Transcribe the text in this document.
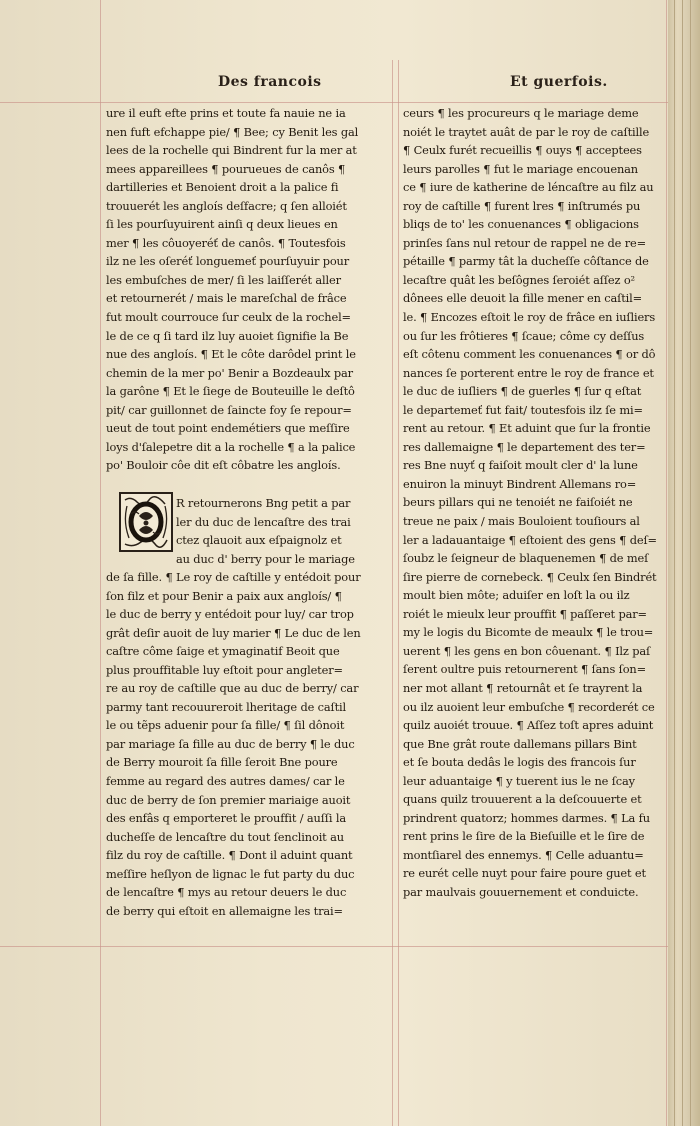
Des francois	Et guerfois.
ure il euft efte prins et toute fa nauie ne ia
nen fuft efchappe pie/ ¶ Bee; cy Benit les gal
lees de la rochelle qui Bindrent fur la mer at
mees appareillees ¶ pourueues de canôs ¶
dartilleries et Benoient droit a la palice fi
trouuerét les angloís deſfacre; q ſen alloiét
ſi les pourſuyuirent ainſi q deux lieues en
mer ¶ les côuoyeréť de canôs. ¶ Toutesfois
ilz ne les oſeréť longuemeť pourſuyuir pour
les embuſches de mer/ ſi les laiſſerét aller
et retournerét / mais le mareſchal de frâce
fut moult courrouce ſur ceulx de la rochel=
le de ce q ſi tard ilz luy auoiet ſignifie la Be
nue des angloís. ¶ Et le côte darôdel print le
chemin de la mer po' Benir a Bozdeaulx par
la garône ¶ Et le ſiege de Bouteuille le deſtô
pit/ car guillonnet de ſaincte foy ſe repour=
ueut de tout point endemétiers que meſſire
loys d'ſalepetre dit a la rochelle ¶ a la palice
po' Bouloir côe dit eſt côbatre les angloís.
R retournerons Bng petit a par
ler du duc de lencaſtre des trai
ctez qlauoit aux eſpaignolz et
au duc d' berry pour le mariage
de ſa fille. ¶ Le roy de caſtille y entédoit pour
ſon filz et pour Benir a paix aux angloís/ ¶
le duc de berry y entédoit pour luy/ car trop
grât deſir auoit de luy marier ¶ Le duc de len
caſtre côme ſaige et ymaginatif Beoit que
plus prouffitable luy eſtoit pour angleter=
re au roy de caſtille que au duc de berry/ car
parmy tant recouureroit lheritage de caſtil
le ou tẽps aduenir pour ſa fille/ ¶ ſil dônoit
par mariage ſa fille au duc de berry ¶ le duc
de Berry mouroit ſa fille ſeroit Bne poure
femme au regard des autres dames/ car le
duc de berry de ſon premier mariaige auoit
des enfâs q emporteret le prouffit / auſſi la
ducheſſe de lencaſtre du tout ſenclinoit au
filz du roy de caſtille. ¶ Dont il aduint quant
meſſire heſlyon de lignac le fut party du duc
de lencaſtre ¶ mys au retour deuers le duc
de berry qui eſtoit en allemaigne les trai=
ceurs ¶ les procureurs q le mariage deme
noiét le traytet auât de par le roy de caſtille
¶ Ceulx furét recueillis ¶ ouys ¶ acceptees
leurs parolles ¶ fut le mariage encouenan
ce ¶ iure de katherine de léncaſtre au filz au
roy de caſtille ¶ furent lres ¶ inſtrumés pu
bliqs de to' les conuenances ¶ obligacions
prinſes ſans nul retour de rappel ne de re=
pétaille ¶ parmy tât la ducheſſe côſtance de
lecaſtre quât les beſôgnes ſeroiét aſſez o²
dônees elle deuoit la fille mener en caſtil=
le. ¶ Encozes eſtoit le roy de frâce en iuſliers
ou ſur les frôtieres ¶ ſcaue; côme cy deſſus
eſt côtenu comment les conuenances ¶ or dô
nances ſe porterent entre le roy de france et
le duc de iuſliers ¶ de guerles ¶ ſur q eſtat
le departemeť fut fait/ toutesfois ilz ſe mi=
rent au retour. ¶ Et aduint que ſur la frontie
res dallemaigne ¶ le departement des ter=
res Bne nuyť q faiſoit moult cler d' la lune
enuiron la minuyt Bindrent Allemans ro=
beurs pillars qui ne tenoiét ne faiſoiét ne
treue ne paix / mais Bouloient touſiours al
ler a ladauantaige ¶ eſtoient des gens ¶ deſ=
ſoubz le ſeigneur de blaquenemen ¶ de meſ
ſire pierre de cornebeck. ¶ Ceulx ſen Bindrét
moult bien môte; aduiſer en loſt la ou ilz
roiét le mieulx leur prouffit ¶ paſſeret par=
my le logis du Bicomte de meaulx ¶ le trou=
uerent ¶ les gens en bon côuenant. ¶ Ilz paſ
ſerent oultre puis retournerent ¶ ſans ſon=
ner mot allant ¶ retournât et ſe trayrent la
ou ilz auoient leur embuſche ¶ recorderét ce
quilz auoiét trouue. ¶ Aſſez toſt apres aduint
que Bne grât route dallemans pillars Bint
et ſe bouta dedâs le logis des francois ſur
leur aduantaige ¶ y tuerent ius le ne ſcay
quans quilz trouuerent a la deſcouuerte et
prindrent quatorz; hommes darmes. ¶ La fu
rent prins le ſire de la Bieſuille et le ſire de
montſiarel des ennemys. ¶ Celle aduantu=
re eurét celle nuyt pour faire poure guet et
par maulvais gouuernement et conduicte.
